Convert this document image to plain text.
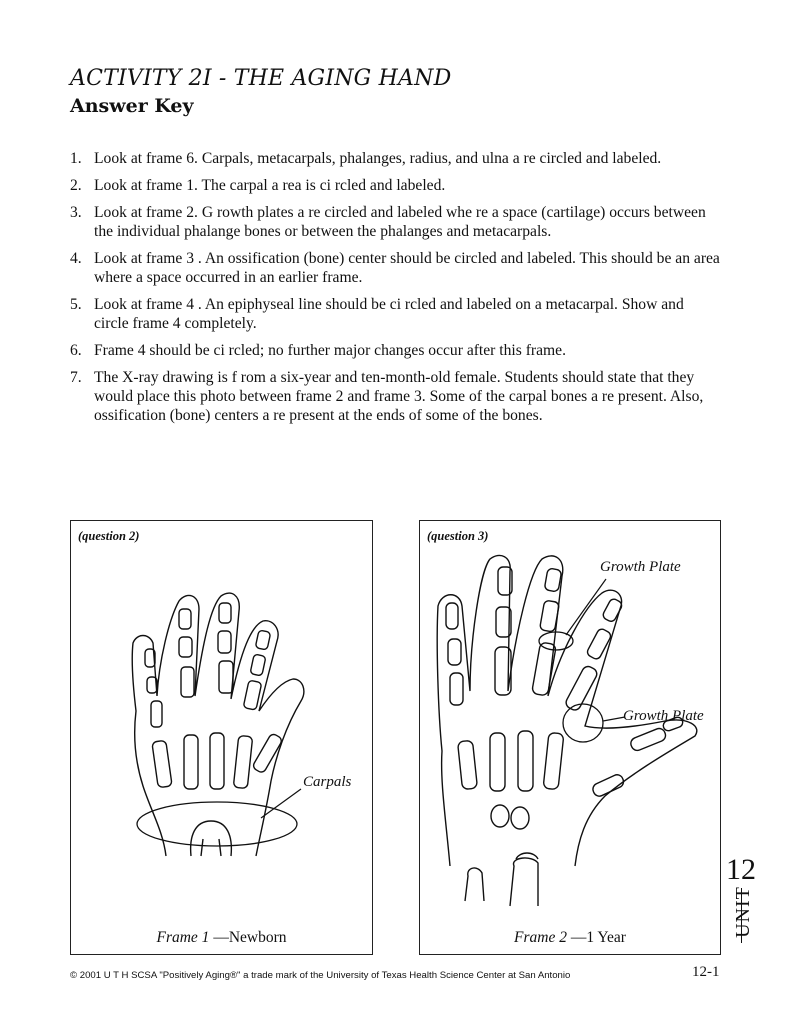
ACTIVITY 2I - THE AGING HAND
Answer Key
1. Look at frame 6. Carpals, metacarpals, phalanges, radius, and ulna a re circled and labeled.
2. Look at frame 1. The carpal a rea is ci rcled and labeled.
3. Look at frame 2. G rowth plates a re circled and labeled whe re a space (cartilage) occurs between the individual phalange bones or between the phalanges and metacarpals.
4. Look at frame 3 . An ossification (bone) center should be circled and labeled. This should be an area where a space occurred in an earlier frame.
5. Look at frame 4 . An epiphyseal line should be ci rcled and labeled on a metacarpal. Show and circle frame 4 completely.
6. Frame 4 should be ci rcled; no further major changes occur after this frame.
7. The X-ray drawing is f rom a six-year and ten-month-old female. Students should state that they would place this photo between frame 2 and frame 3. Some of the carpal bones a re present. Also, ossification (bone) centers a re present at the ends of some of the bones.
(question 2)
Carpals
Frame 1 —Newborn
(question 3)
Growth Plate
Growth Plate
Frame 2 —1 Year
12
UNIT
© 2001 U T H SCSA "Positively Aging®" a trade mark of the University of Texas Health Science Center at San Antonio	12-1
